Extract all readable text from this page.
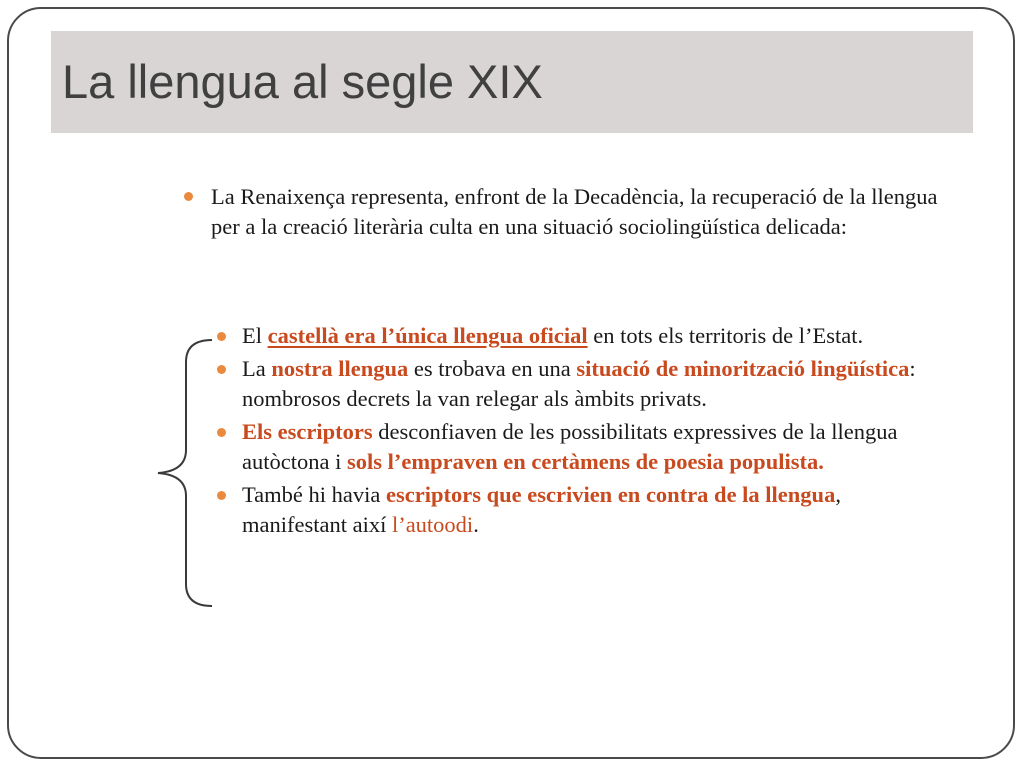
La llengua al segle XIX

La Renaixença representa, enfront de la Decadència, la recuperació de la llengua per a la creació literària culta en una situació sociolingüística delicada:

El castellà era l’única llengua oficial en tots els territoris de l’Estat.
La nostra llengua es trobava en una situació de minorització lingüística: nombrosos decrets la van relegar als àmbits privats.
Els escriptors desconfiaven de les possibilitats expressives de la llengua autòctona i sols l’empraven en certàmens de poesia populista.
També hi havia escriptors que escrivien en contra de la llengua, manifestant així l’autoodi.
